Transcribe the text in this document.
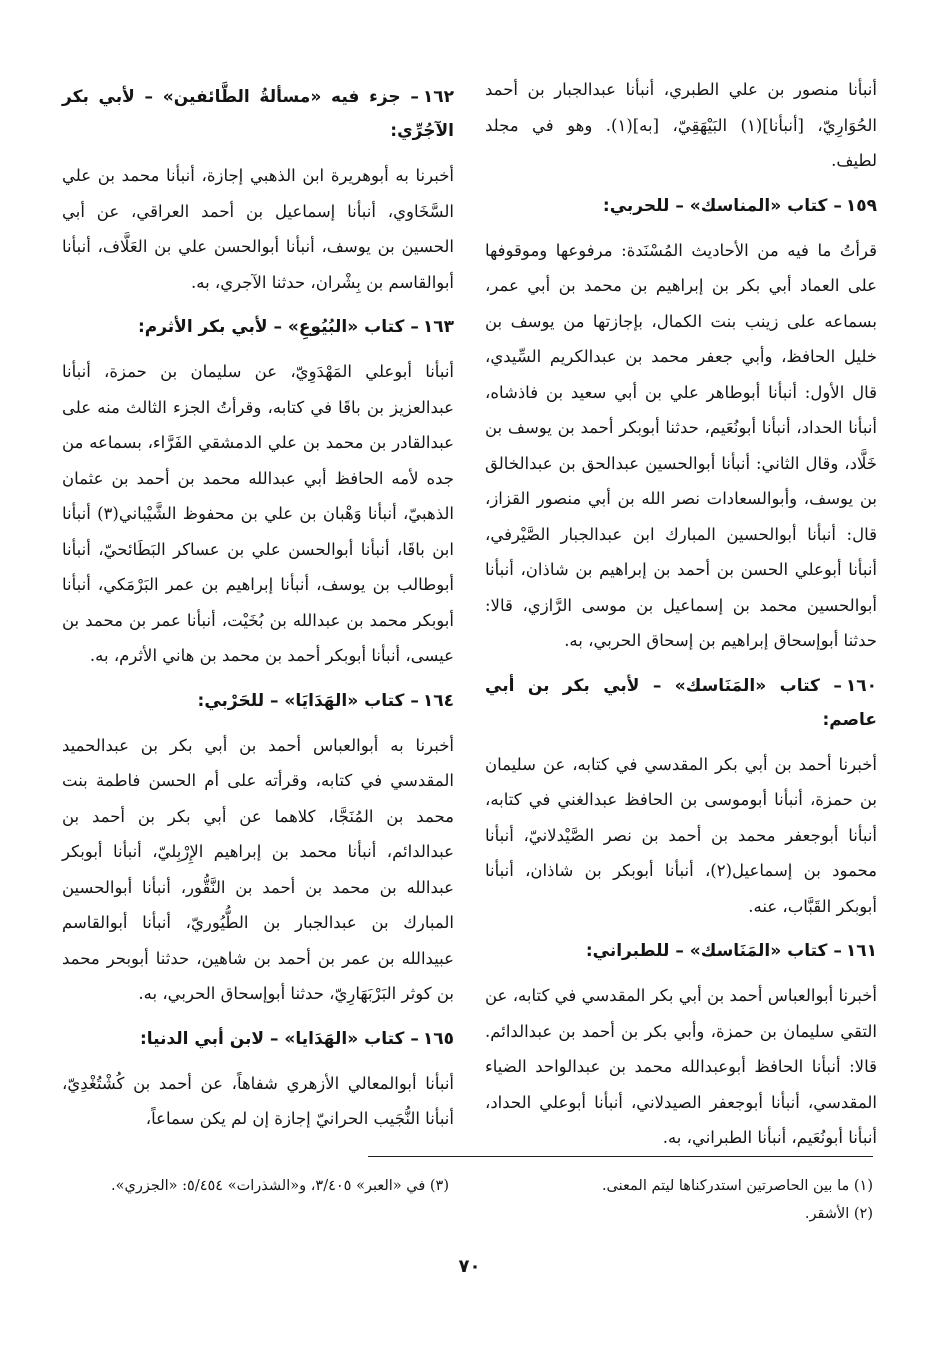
أنبأنا منصور بن علي الطبري، أنبأنا عبدالجبار بن أحمد الحُوَارِيّ، [أنبأنا](١) البَيْهَقِيّ، [به](١). وهو في مجلد لطيف.

١٥٩– كتاب «المناسك» – للحربي:

قرأتُ ما فيه من الأحاديث المُسْنَدة: مرفوعها وموقوفها على العماد أبي بكر بن إبراهيم بن محمد بن أبي عمر، بسماعه على زينب بنت الكمال، بإجازتها من يوسف بن خليل الحافظ، وأبي جعفر محمد بن عبدالكريم السِّيدي، قال الأول: أنبأنا أبوطاهر علي بن أبي سعيد بن فاذشاه، أنبأنا الحداد، أنبأنا أبونُعَيم، حدثنا أبوبكر أحمد بن يوسف بن خَلَّاد، وقال الثاني: أنبأنا أبوالحسين عبدالحق بن عبدالخالق بن يوسف، وأبوالسعادات نصر الله بن أبي منصور القزاز، قال: أنبأنا أبوالحسين المبارك ابن عبدالجبار الصَّيْرفي، أنبأنا أبوعلي الحسن بن أحمد بن إبراهيم بن شاذان، أنبأنا أبوالحسين محمد بن إسماعيل بن موسى الرَّازي، قالا: حدثنا أبوإسحاق إبراهيم بن إسحاق الحربي، به.

١٦٠– كتاب «المَنَاسك» – لأبي بكر بن أبي عاصم:

أخبرنا أحمد بن أبي بكر المقدسي في كتابه، عن سليمان بن حمزة، أنبأنا أبوموسى بن الحافظ عبدالغني في كتابه، أنبأنا أبوجعفر محمد بن أحمد بن نصر الصَّيْدلانيّ، أنبأنا محمود بن إسماعيل(٢)، أنبأنا أبوبكر بن شاذان، أنبأنا أبوبكر القَبَّاب، عنه.

١٦١– كتاب «المَنَاسك» – للطبراني:

أخبرنا أبوالعباس أحمد بن أبي بكر المقدسي في كتابه، عن التقي سليمان بن حمزة، وأبي بكر بن أحمد بن عبدالدائم. قالا: أنبأنا الحافظ أبوعبدالله محمد بن عبدالواحد الضياء المقدسي، أنبأنا أبوجعفر الصيدلاني، أنبأنا أبوعلي الحداد، أنبأنا أبونُعَيم، أنبأنا الطبراني، به.

١٦٢– جزء فيه «مسألةُ الطَّائفين» – لأبي بكر الآجُرِّي:

أخبرنا به أبوهريرة ابن الذهبي إجازة، أنبأنا محمد بن علي السَّخَاوي، أنبأنا إسماعيل بن أحمد العراقي، عن أبي الحسين بن يوسف، أنبأنا أبوالحسن علي بن العَلَّاف، أنبأنا أبوالقاسم بن بِشْران، حدثنا الآجري، به.

١٦٣– كتاب «البُيُوعِ» – لأبي بكر الأثرم:

أنبأنا أبوعلي المَهْدَوِيّ، عن سليمان بن حمزة، أنبأنا عبدالعزيز بن باقَا في كتابه، وقرأتُ الجزء الثالث منه على عبدالقادر بن محمد بن علي الدمشقي الفَرَّاء، بسماعه من جده لأمه الحافظ أبي عبدالله محمد بن أحمد بن عثمان الذهبيّ، أنبأنا وَهْبان بن علي بن محفوظ الشَّيْباني(٣) أنبأنا ابن باقَا، أنبأنا أبوالحسن علي بن عساكر البَطَائحيّ، أنبأنا أبوطالب بن يوسف، أنبأنا إبراهيم بن عمر البَرْمَكي، أنبأنا أبوبكر محمد بن عبدالله بن بُخَيْت، أنبأنا عمر بن محمد بن عيسى، أنبأنا أبوبكر أحمد بن محمد بن هاني الأثرم، به.

١٦٤– كتاب «الهَدَايَا» – للحَرْبي:

أخبرنا به أبوالعباس أحمد بن أبي بكر بن عبدالحميد المقدسي في كتابه، وقرأته على أم الحسن فاطمة بنت محمد بن المُنَجَّا، كلاهما عن أبي بكر بن أحمد بن عبدالدائم، أنبأنا محمد بن إبراهيم الإِرْبِليّ، أنبأنا أبوبكر عبدالله بن محمد بن أحمد بن النَّقُّور، أنبأنا أبوالحسين المبارك بن عبدالجبار بن الطُّيُوريّ، أنبأنا أبوالقاسم عبيدالله بن عمر بن أحمد بن شاهين، حدثنا أبوبحر محمد بن كوثر البَرْبَهَارِيّ، حدثنا أبوإسحاق الحربي، به.

١٦٥– كتاب «الهَدَايا» – لابن أبي الدنيا:

أنبأنا أبوالمعالي الأزهري شفاهاً، عن أحمد بن كُشْتُغْدِيّ، أنبأنا النُّجَيب الحرانيّ إجازة إن لم يكن سماعاً،

(١) ما بين الحاصرتين استدركناها ليتم المعنى.
(٢) الأشقر.
(٣) في «العبر» ٣/٤٠٥، و«الشذرات» ٥/٤٥٤: «الجزري».
٧٠
